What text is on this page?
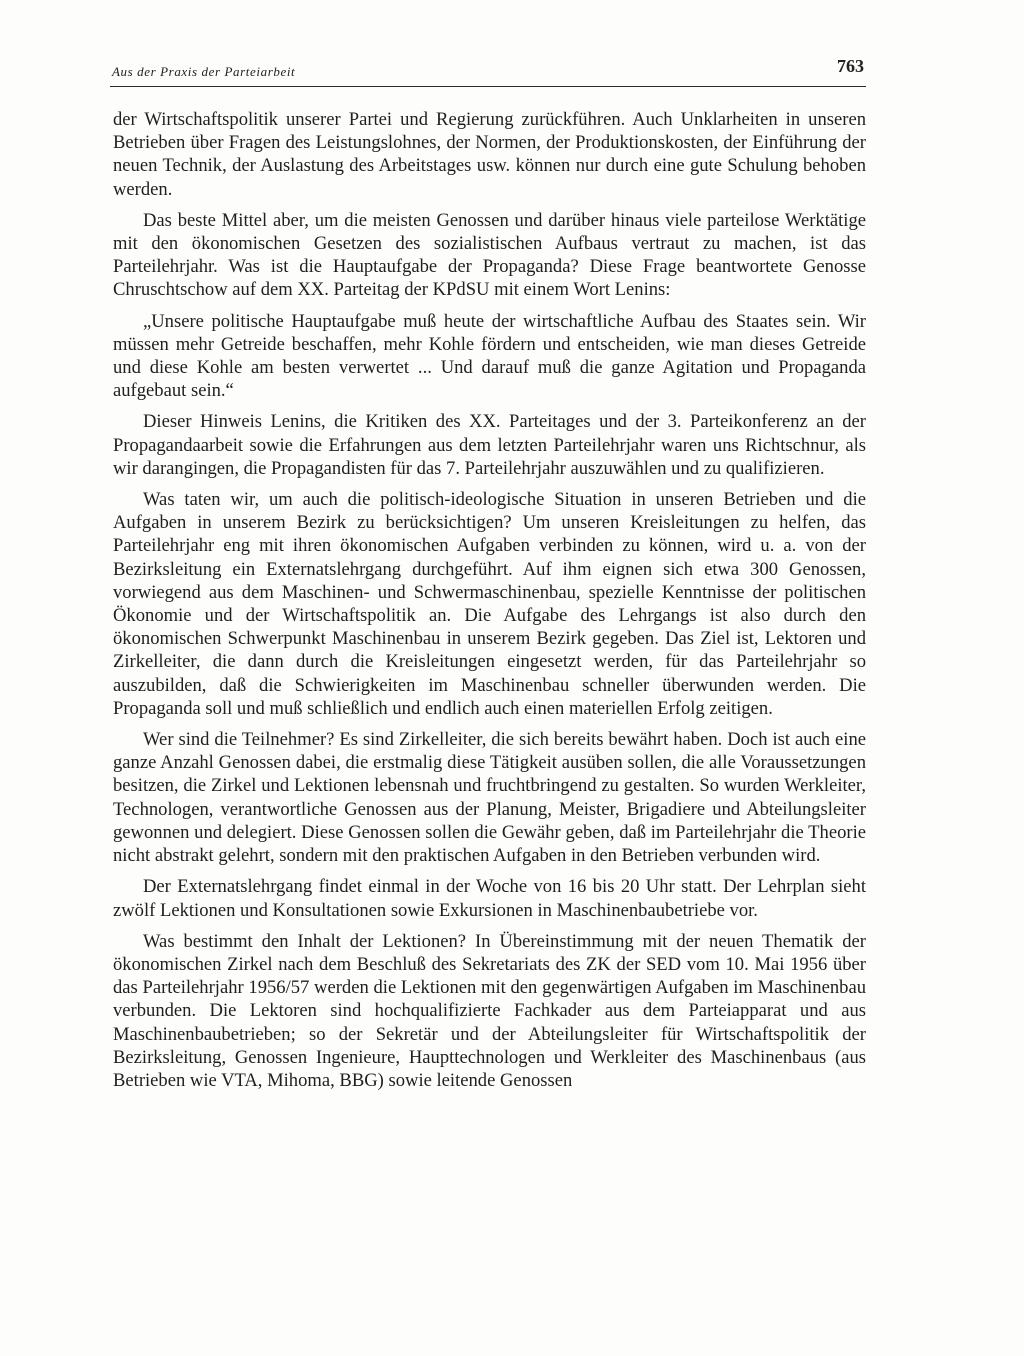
Aus der Praxis der Parteiarbeit	763

der Wirtschaftspolitik unserer Partei und Regierung zurückführen. Auch Unklarheiten in unseren Betrieben über Fragen des Leistungslohnes, der Normen, der Produktionskosten, der Einführung der neuen Technik, der Auslastung des Arbeitstages usw. können nur durch eine gute Schulung behoben werden.

Das beste Mittel aber, um die meisten Genossen und darüber hinaus viele parteilose Werktätige mit den ökonomischen Gesetzen des sozialistischen Aufbaus vertraut zu machen, ist das Parteilehrjahr. Was ist die Hauptaufgabe der Propaganda? Diese Frage beantwortete Genosse Chruschtschow auf dem XX. Parteitag der KPdSU mit einem Wort Lenins:

„Unsere politische Hauptaufgabe muß heute der wirtschaftliche Aufbau des Staates sein. Wir müssen mehr Getreide beschaffen, mehr Kohle fördern und entscheiden, wie man dieses Getreide und diese Kohle am besten verwertet ... Und darauf muß die ganze Agitation und Propaganda aufgebaut sein.“

Dieser Hinweis Lenins, die Kritiken des XX. Parteitages und der 3. Parteikonferenz an der Propagandaarbeit sowie die Erfahrungen aus dem letzten Parteilehrjahr waren uns Richtschnur, als wir darangingen, die Propagandisten für das 7. Parteilehrjahr auszuwählen und zu qualifizieren.

Was taten wir, um auch die politisch-ideologische Situation in unseren Betrieben und die Aufgaben in unserem Bezirk zu berücksichtigen? Um unseren Kreisleitungen zu helfen, das Parteilehrjahr eng mit ihren ökonomischen Aufgaben verbinden zu können, wird u. a. von der Bezirksleitung ein Externatslehrgang durchgeführt. Auf ihm eignen sich etwa 300 Genossen, vorwiegend aus dem Maschinen- und Schwermaschinenbau, spezielle Kenntnisse der politischen Ökonomie und der Wirtschaftspolitik an. Die Aufgabe des Lehrgangs ist also durch den ökonomischen Schwerpunkt Maschinenbau in unserem Bezirk gegeben. Das Ziel ist, Lektoren und Zirkelleiter, die dann durch die Kreisleitungen eingesetzt werden, für das Parteilehrjahr so auszubilden, daß die Schwierigkeiten im Maschinenbau schneller überwunden werden. Die Propaganda soll und muß schließlich und endlich auch einen materiellen Erfolg zeitigen.

Wer sind die Teilnehmer? Es sind Zirkelleiter, die sich bereits bewährt haben. Doch ist auch eine ganze Anzahl Genossen dabei, die erstmalig diese Tätigkeit ausüben sollen, die alle Voraussetzungen besitzen, die Zirkel und Lektionen lebensnah und fruchtbringend zu gestalten. So wurden Werkleiter, Technologen, verantwortliche Genossen aus der Planung, Meister, Brigadiere und Abteilungsleiter gewonnen und delegiert. Diese Genossen sollen die Gewähr geben, daß im Parteilehrjahr die Theorie nicht abstrakt gelehrt, sondern mit den praktischen Aufgaben in den Betrieben verbunden wird.

Der Externatslehrgang findet einmal in der Woche von 16 bis 20 Uhr statt. Der Lehrplan sieht zwölf Lektionen und Konsultationen sowie Exkursionen in Maschinenbaubetriebe vor.

Was bestimmt den Inhalt der Lektionen? In Übereinstimmung mit der neuen Thematik der ökonomischen Zirkel nach dem Beschluß des Sekretariats des ZK der SED vom 10. Mai 1956 über das Parteilehrjahr 1956/57 werden die Lektionen mit den gegenwärtigen Aufgaben im Maschinenbau verbunden. Die Lektoren sind hochqualifizierte Fachkader aus dem Parteiapparat und aus Maschinenbaubetrieben; so der Sekretär und der Abteilungsleiter für Wirtschaftspolitik der Bezirksleitung, Genossen Ingenieure, Haupttechnologen und Werkleiter des Maschinenbaus (aus Betrieben wie VTA, Mihoma, BBG) sowie leitende Genossen
